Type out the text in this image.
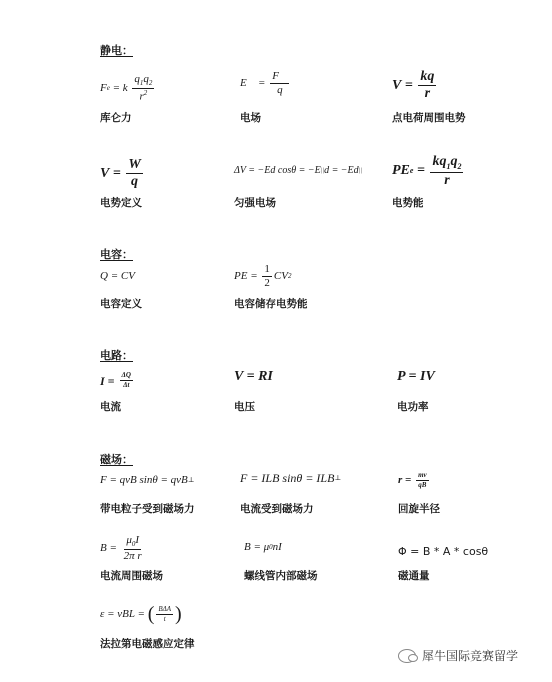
静电：
F e = k $\frac{q_1q_2}{r^2}$	E⃗ = $\frac{F⃗}{q}$	$V = \frac{kq}{r}$
库仑力	电场	点电荷周围电势
$V = \frac{W}{q}$	ΔV = −Ed cosθ = −E || d = −Ed || PE $e = \frac{kq_1q_2}{r}$
电势定义	匀强电场	电势能
电容：
Q = CV	PE = $\frac{1}{2}$ CV 2
电容定义	电容储存电势能
电路：
$I = \frac{\Delta Q}{\Delta t}$	V = RI	P = IV
电流	电压	电功率
磁场：
F = qvB sinθ = qvB ⊥	F = ILB sinθ = ILB ⊥	$r = \frac{mv}{qB}$
带电粒子受到磁场力	电流受到磁场力	回旋半径
$B = \frac{\mu_0I}{\text{2π r}}$	B = μ 0 nI	Φ = B * A * cosθ
电流周围磁场	螺线管内部磁场	磁通量
ε = vBL = ( $\frac{\text{BΔA}}{t}$ )
法拉第电磁感应定律
犀牛国际竞赛留学
